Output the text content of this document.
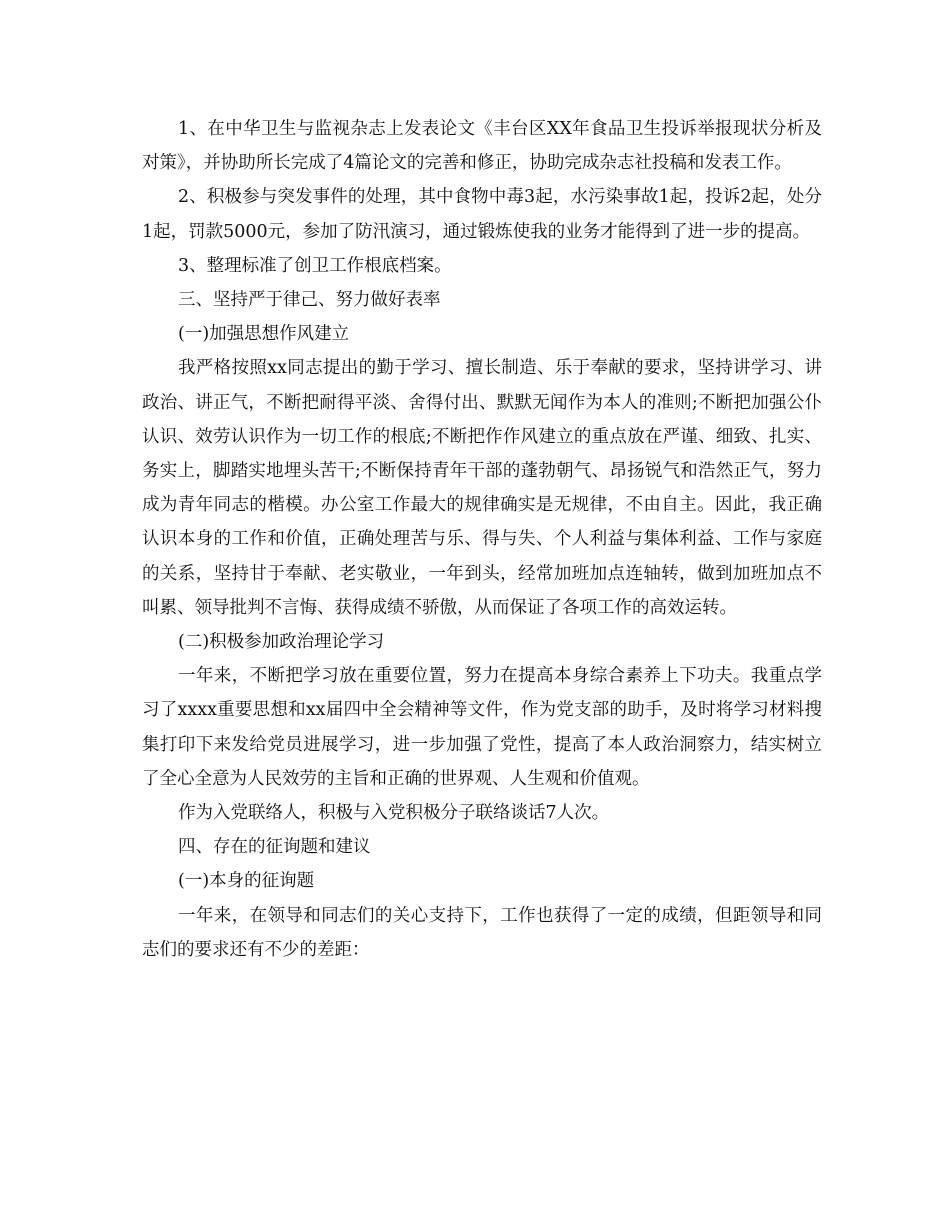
1、在中华卫生与监视杂志上发表论文《丰台区XX年食品卫生投诉举报现状分析及对策》，并协助所长完成了4篇论文的完善和修正，协助完成杂志社投稿和发表工作。

2、积极参与突发事件的处理，其中食物中毒3起，水污染事故1起，投诉2起，处分1起，罚款5000元，参加了防汛演习，通过锻炼使我的业务才能得到了进一步的提高。

3、整理标准了创卫工作根底档案。

三、坚持严于律己、努力做好表率

(一)加强思想作风建立

我严格按照xx同志提出的勤于学习、擅长制造、乐于奉献的要求，坚持讲学习、讲政治、讲正气，不断把耐得平淡、舍得付出、默默无闻作为本人的准则;不断把加强公仆认识、效劳认识作为一切工作的根底;不断把作作风建立的重点放在严谨、细致、扎实、务实上，脚踏实地埋头苦干;不断保持青年干部的蓬勃朝气、昂扬锐气和浩然正气，努力成为青年同志的楷模。办公室工作最大的规律确实是无规律，不由自主。因此，我正确认识本身的工作和价值，正确处理苦与乐、得与失、个人利益与集体利益、工作与家庭的关系，坚持甘于奉献、老实敬业，一年到头，经常加班加点连轴转，做到加班加点不叫累、领导批判不言悔、获得成绩不骄傲，从而保证了各项工作的高效运转。

(二)积极参加政治理论学习

一年来，不断把学习放在重要位置，努力在提高本身综合素养上下功夫。我重点学习了xxxx重要思想和xx届四中全会精神等文件，作为党支部的助手，及时将学习材料搜集打印下来发给党员进展学习，进一步加强了党性，提高了本人政治洞察力，结实树立了全心全意为人民效劳的主旨和正确的世界观、人生观和价值观。

作为入党联络人，积极与入党积极分子联络谈话7人次。

四、存在的征询题和建议

(一)本身的征询题

一年来，在领导和同志们的关心支持下，工作也获得了一定的成绩，但距领导和同志们的要求还有不少的差距：
